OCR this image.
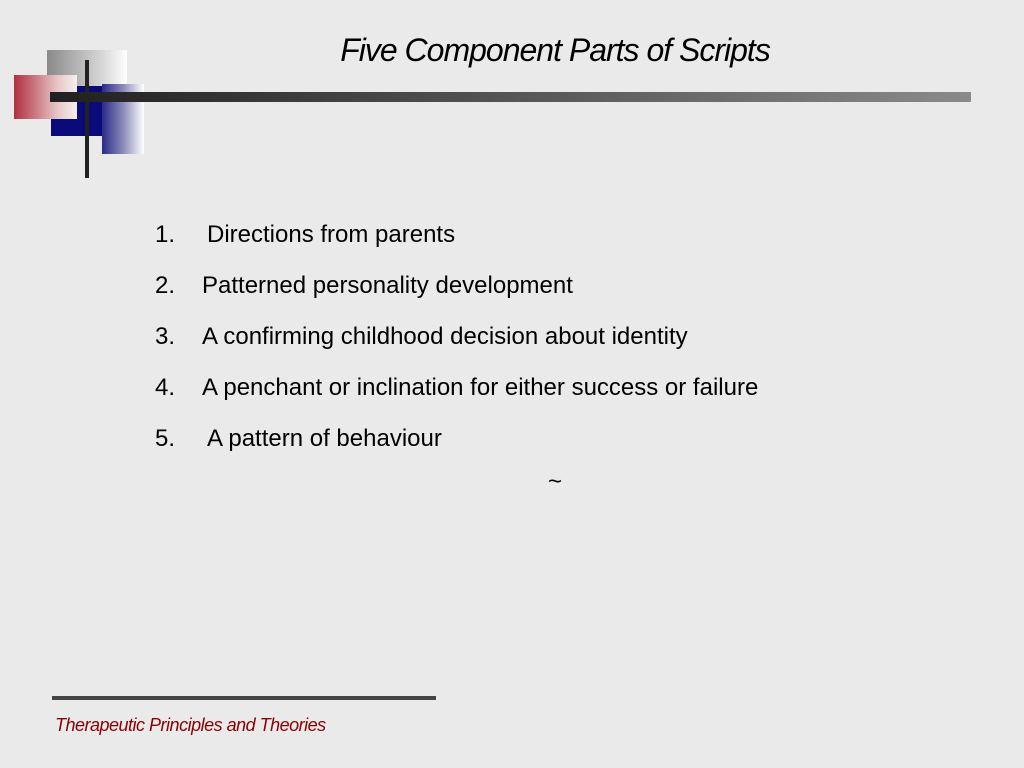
Five Component Parts of Scripts
1.	Directions from parents
2.	Patterned personality development
3.	A confirming childhood decision about identity
4.	A penchant or inclination for either success or failure
5.	A pattern of behaviour
~
Therapeutic Principles and Theories
